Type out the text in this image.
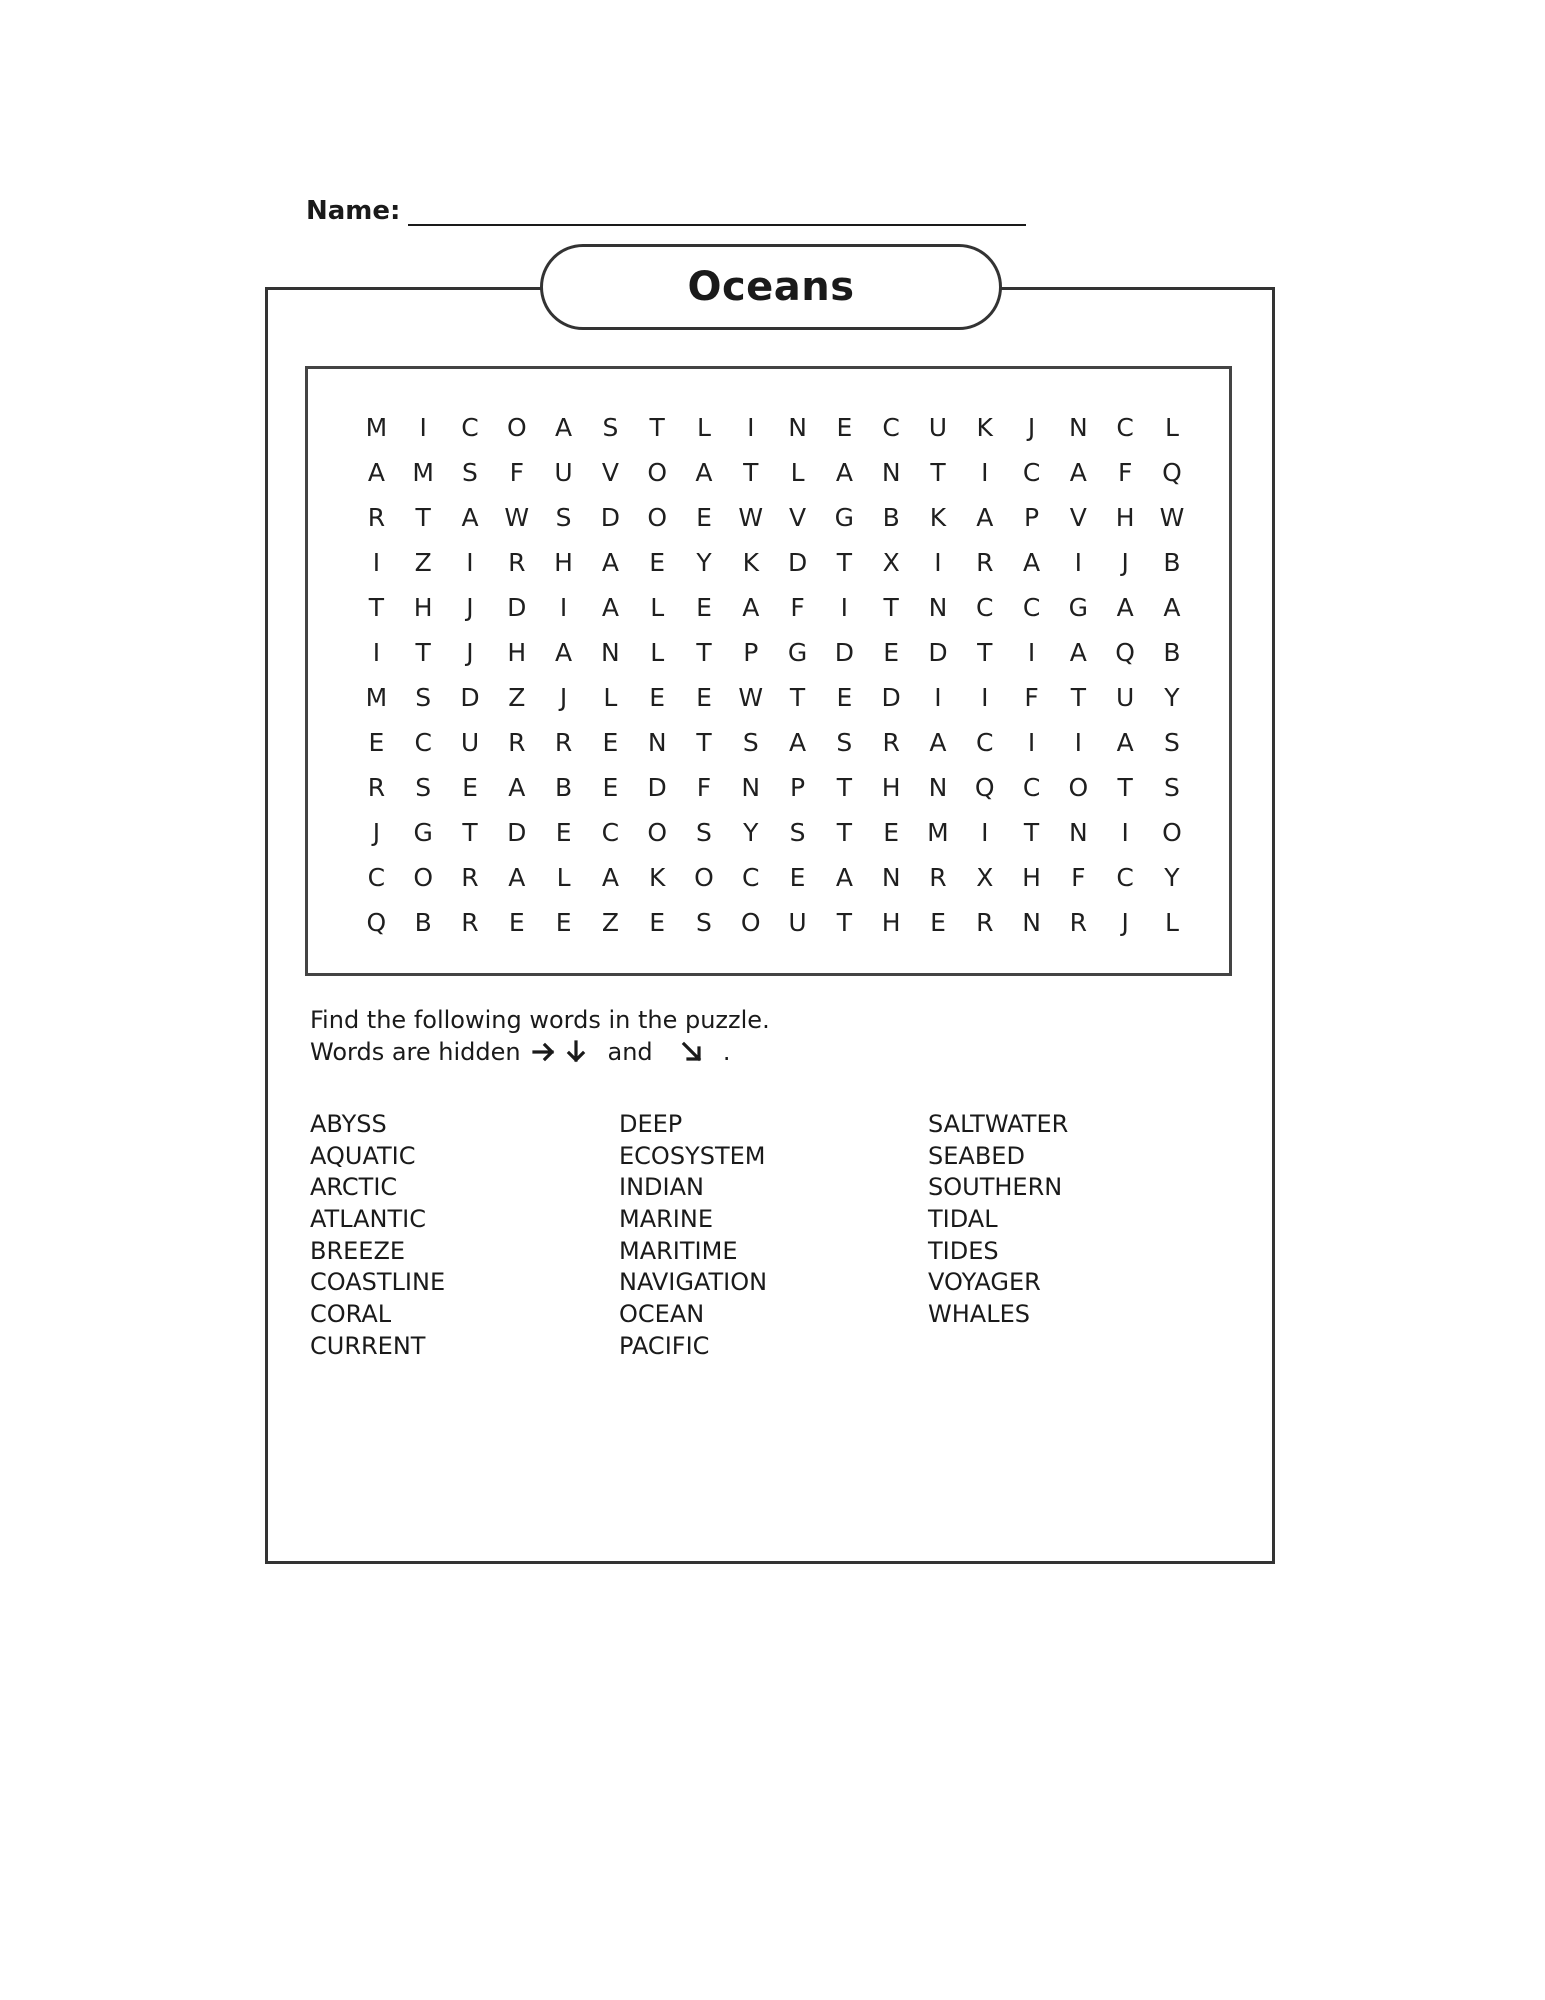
Name:
Oceans
M	I	C	O	A	S	T	L	I	N	E	C	U	K	J	N	C	L
A	M	S	F	U	V	O	A	T	L	A	N	T	I	C	A	F	Q
R	T	A	W	S	D	O	E	W	V	G	B	K	A	P	V	H	W
I	Z	I	R	H	A	E	Y	K	D	T	X	I	R	A	I	J	B
T	H	J	D	I	A	L	E	A	F	I	T	N	C	C	G	A	A
I	T	J	H	A	N	L	T	P	G	D	E	D	T	I	A	Q	B
M	S	D	Z	J	L	E	E	W	T	E	D	I	I	F	T	U	Y
E	C	U	R	R	E	N	T	S	A	S	R	A	C	I	I	A	S
R	S	E	A	B	E	D	F	N	P	T	H	N	Q	C	O	T	S
J	G	T	D	E	C	O	S	Y	S	T	E	M	I	T	N	I	O
C	O	R	A	L	A	K	O	C	E	A	N	R	X	H	F	C	Y
Q	B	R	E	E	Z	E	S	O	U	T	H	E	R	N	R	J	L
Find the following words in the puzzle.
Words are hidden

	and

	.
ABYSS
AQUATIC
ARCTIC
ATLANTIC
BREEZE
COASTLINE
CORAL
CURRENT
DEEP
ECOSYSTEM
INDIAN
MARINE
MARITIME
NAVIGATION
OCEAN
PACIFIC
SALTWATER
SEABED
SOUTHERN
TIDAL
TIDES
VOYAGER
WHALES
